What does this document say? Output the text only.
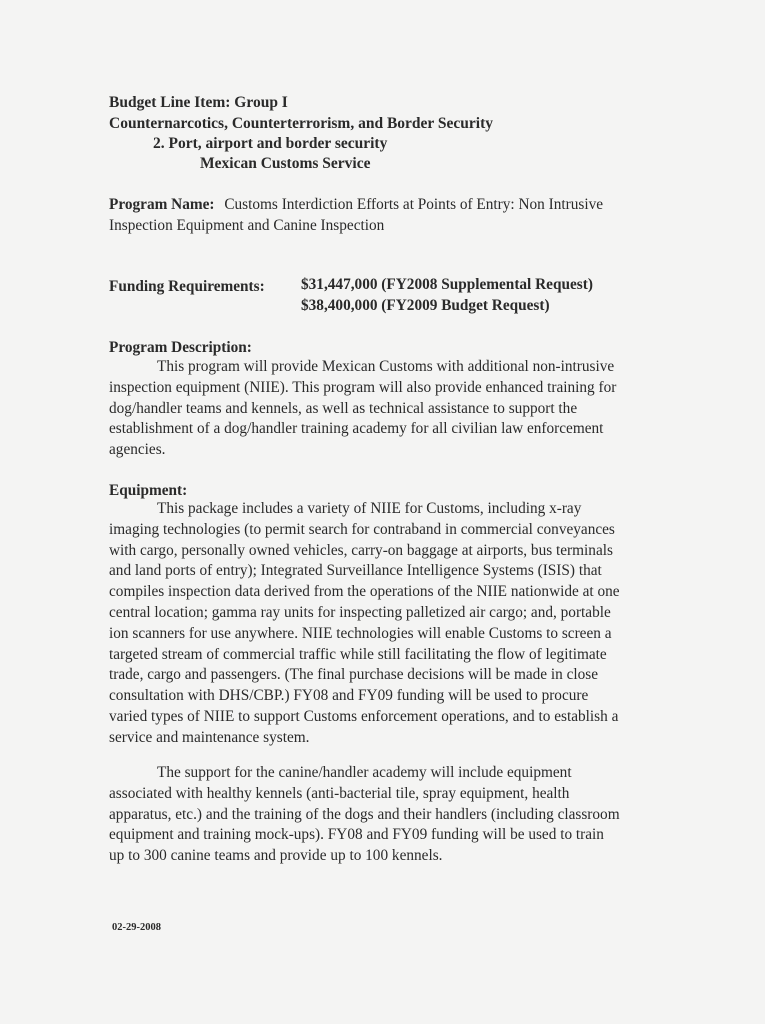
Budget Line Item: Group I
Counternarcotics, Counterterrorism, and Border Security
2. Port, airport and border security
Mexican Customs Service
Program Name: Customs Interdiction Efforts at Points of Entry: Non Intrusive
Inspection Equipment and Canine Inspection
Funding Requirements: $31,447,000 (FY2008 Supplemental Request)
$38,400,000 (FY2009 Budget Request)
Program Description:
This program will provide Mexican Customs with additional non-intrusive
inspection equipment (NIIE). This program will also provide enhanced training for
dog/handler teams and kennels, as well as technical assistance to support the
establishment of a dog/handler training academy for all civilian law enforcement
agencies.
Equipment:
This package includes a variety of NIIE for Customs, including x-ray
imaging technologies (to permit search for contraband in commercial conveyances
with cargo, personally owned vehicles, carry-on baggage at airports, bus terminals
and land ports of entry); Integrated Surveillance Intelligence Systems (ISIS) that
compiles inspection data derived from the operations of the NIIE nationwide at one
central location; gamma ray units for inspecting palletized air cargo; and, portable
ion scanners for use anywhere. NIIE technologies will enable Customs to screen a
targeted stream of commercial traffic while still facilitating the flow of legitimate
trade, cargo and passengers. (The final purchase decisions will be made in close
consultation with DHS/CBP.) FY08 and FY09 funding will be used to procure
varied types of NIIE to support Customs enforcement operations, and to establish a
service and maintenance system.
The support for the canine/handler academy will include equipment
associated with healthy kennels (anti-bacterial tile, spray equipment, health
apparatus, etc.) and the training of the dogs and their handlers (including classroom
equipment and training mock-ups). FY08 and FY09 funding will be used to train
up to 300 canine teams and provide up to 100 kennels.
02-29-2008
